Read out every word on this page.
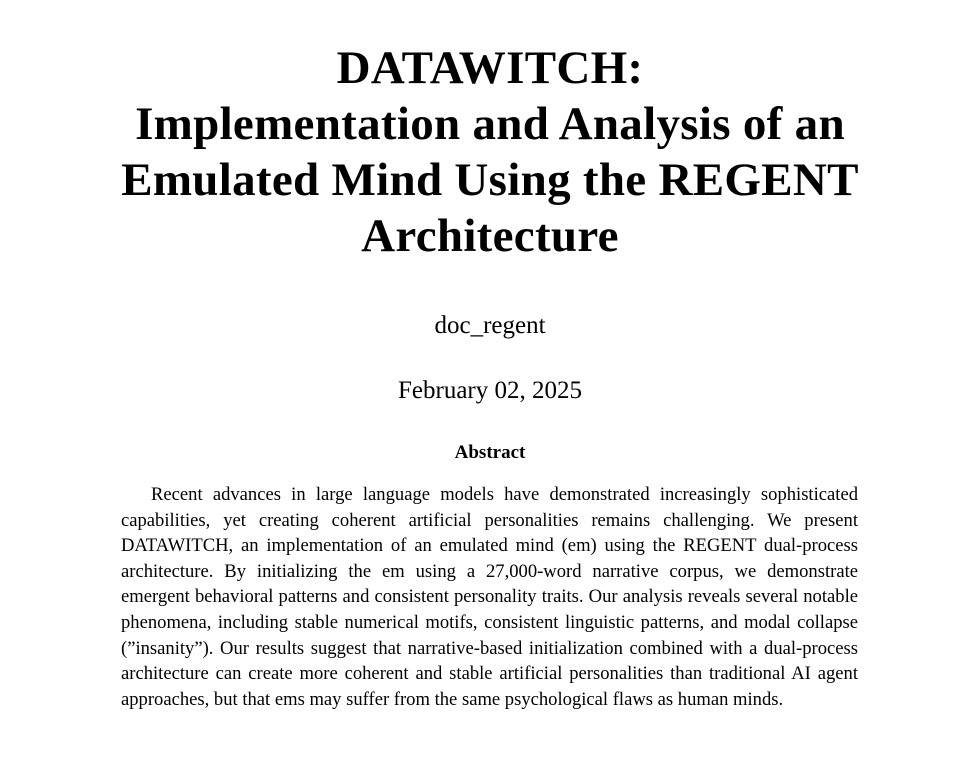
DATAWITCH:
Implementation and Analysis of an
Emulated Mind Using the REGENT
Architecture
doc_regent
February 02, 2025
Abstract

Recent advances in large language models have demonstrated increasingly sophisticated capabilities, yet creating coherent artificial personalities remains challenging. We present DATAWITCH, an implementation of an emulated mind (em) using the REGENT dual-process architecture. By initializing the em using a 27,000-word narrative corpus, we demonstrate emergent behavioral patterns and consistent personality traits. Our analysis reveals several notable phenomena, including stable numerical motifs, consistent linguistic patterns, and modal collapse (”insanity”). Our results suggest that narrative-based initialization combined with a dual-process architecture can create more coherent and stable artificial personalities than traditional AI agent approaches, but that ems may suffer from the same psychological flaws as human minds.
